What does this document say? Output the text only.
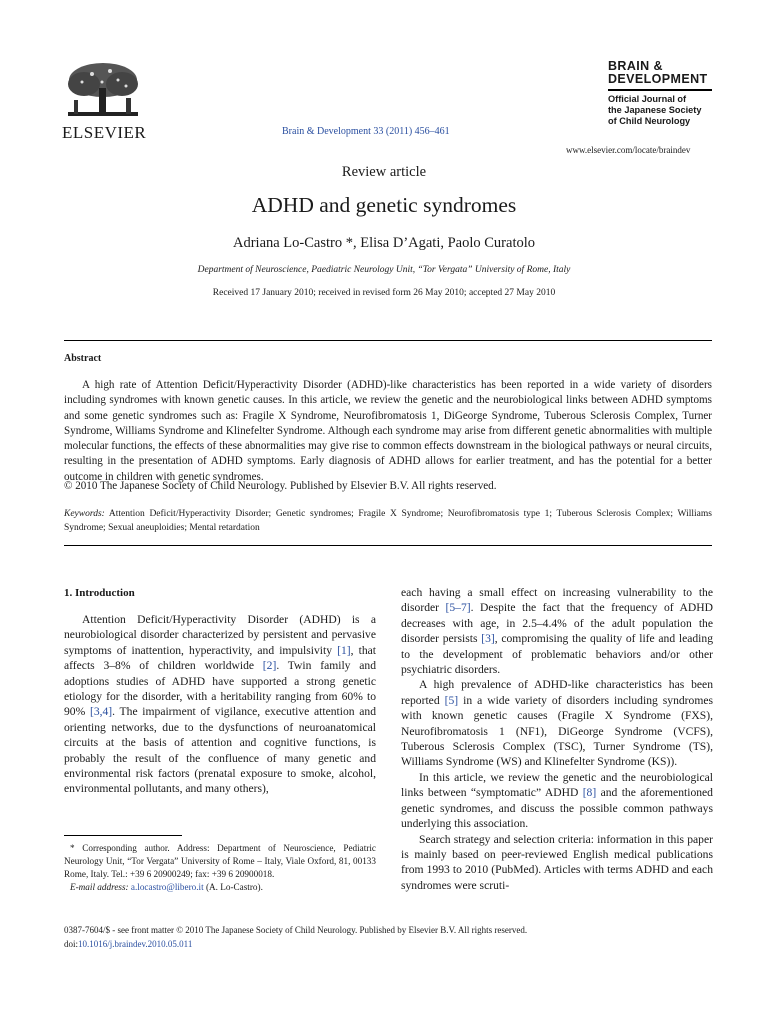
ELSEVIER	Brain & Development 33 (2011) 456–461
BRAIN &
DEVELOPMENT
Official Journal of
the Japanese Society
of Child Neurology
www.elsevier.com/locate/braindev
Review article
ADHD and genetic syndromes
Adriana Lo-Castro *, Elisa D’Agati, Paolo Curatolo
Department of Neuroscience, Paediatric Neurology Unit, “Tor Vergata” University of Rome, Italy
Received 17 January 2010; received in revised form 26 May 2010; accepted 27 May 2010
Abstract

A high rate of Attention Deficit/Hyperactivity Disorder (ADHD)-like characteristics has been reported in a wide variety of disorders including syndromes with known genetic causes. In this article, we review the genetic and the neurobiological links between ADHD symptoms and some genetic syndromes such as: Fragile X Syndrome, Neurofibromatosis 1, DiGeorge Syndrome, Tuberous Sclerosis Complex, Turner Syndrome, Williams Syndrome and Klinefelter Syndrome. Although each syndrome may arise from different genetic abnormalities with multiple molecular functions, the effects of these abnormalities may give rise to common effects downstream in the biological pathways or neural circuits, resulting in the presentation of ADHD symptoms. Early diagnosis of ADHD allows for earlier treatment, and has the potential for a better outcome in children with genetic syndromes.

© 2010 The Japanese Society of Child Neurology. Published by Elsevier B.V. All rights reserved.
Keywords: Attention Deficit/Hyperactivity Disorder; Genetic syndromes; Fragile X Syndrome; Neurofibromatosis type 1; Tuberous Sclerosis Complex; Williams Syndrome; Sexual aneuploidies; Mental retardation
1. Introduction

Attention Deficit/Hyperactivity Disorder (ADHD) is a neurobiological disorder characterized by persistent and pervasive symptoms of inattention, hyperactivity, and impulsivity [1], that affects 3–8% of children worldwide [2]. Twin family and adoptions studies of ADHD have supported a strong genetic etiology for the disorder, with a heritability ranging from 60% to 90% [3,4]. The impairment of vigilance, executive attention and orienting networks, due to the dysfunctions of neuroanatomical circuits at the basis of attention and cognitive functions, is probably the result of the confluence of many genetic and environmental risk factors (prenatal exposure to smoke, alcohol, environmental pollutants, and many others),

* Corresponding author. Address: Department of Neuroscience, Pediatric Neurology Unit, “Tor Vergata” University of Rome – Italy, Viale Oxford, 81, 00133 Rome, Italy. Tel.: +39 6 20900249; fax: +39 6 20900018.

E-mail address: a.locastro@libero.it (A. Lo-Castro).

each having a small effect on increasing vulnerability to the disorder [5–7]. Despite the fact that the frequency of ADHD decreases with age, in 2.5–4.4% of the adult population the disorder persists [3], compromising the quality of life and leading to the development of problematic behaviors and/or other psychiatric disorders.

A high prevalence of ADHD-like characteristics has been reported [5] in a wide variety of disorders including syndromes with known genetic causes (Fragile X Syndrome (FXS), Neurofibromatosis 1 (NF1), DiGeorge Syndrome (VCFS), Tuberous Sclerosis Complex (TSC), Turner Syndrome (TS), Williams Syndrome (WS) and Klinefelter Syndrome (KS)).

In this article, we review the genetic and the neurobiological links between “symptomatic” ADHD [8] and the aforementioned genetic syndromes, and discuss the possible common pathways underlying this association.

Search strategy and selection criteria: information in this paper is mainly based on peer-reviewed English medical publications from 1993 to 2010 (PubMed). Articles with terms ADHD and each syndromes were scruti-

0387-7604/$ - see front matter © 2010 The Japanese Society of Child Neurology. Published by Elsevier B.V. All rights reserved.
doi:10.1016/j.braindev.2010.05.011
